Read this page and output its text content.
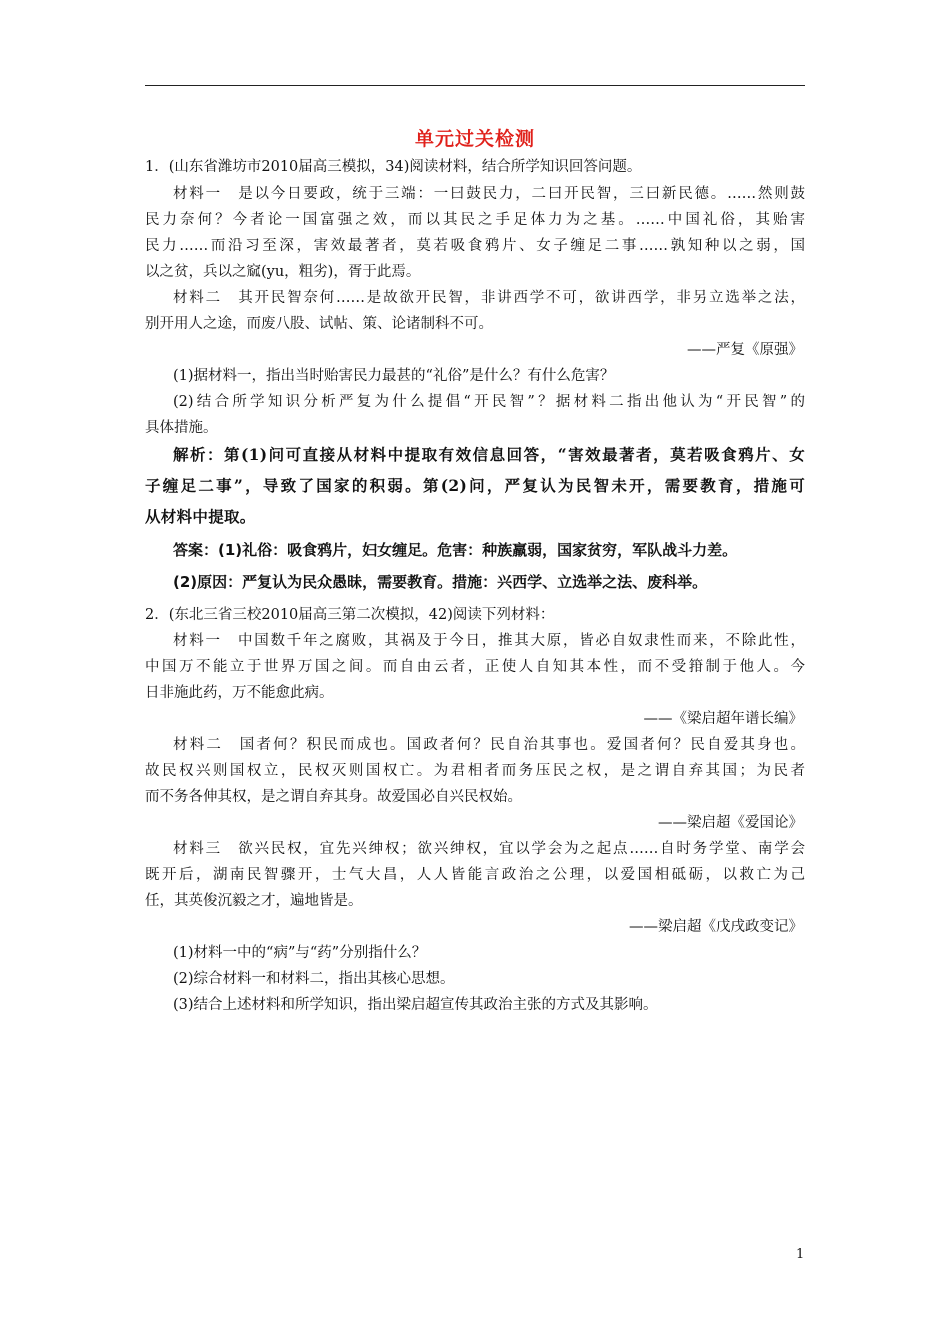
单元过关检测
1．(山东省潍坊市2010届高三模拟，34)阅读材料，结合所学知识回答问题。
材料一　是以今日要政，统于三端：一曰鼓民力，二曰开民智，三曰新民德。……然则鼓
民力奈何？今者论一国富强之效，而以其民之手足体力为之基。……中国礼俗，其贻害
民力……而沿习至深，害效最著者，莫若吸食鸦片、女子缠足二事……孰知种以之弱，国
以之贫，兵以之窳(yu，粗劣)，胥于此焉。
材料二　其开民智奈何……是故欲开民智，非讲西学不可，欲讲西学，非另立选举之法，
别开用人之途，而废八股、试帖、策、论诸制科不可。
——严复《原强》
(1)据材料一，指出当时贻害民力最甚的“礼俗”是什么？有什么危害？
(2)结合所学知识分析严复为什么提倡“开民智”？据材料二指出他认为“开民智”的
具体措施。
解析：第(1)问可直接从材料中提取有效信息回答，“害效最著者，莫若吸食鸦片、女
子缠足二事”，导致了国家的积弱。第(2)问，严复认为民智未开，需要教育，措施可
从材料中提取。
答案：(1)礼俗：吸食鸦片，妇女缠足。危害：种族羸弱，国家贫穷，军队战斗力差。
(2)原因：严复认为民众愚昧，需要教育。措施：兴西学、立选举之法、废科举。
2．(东北三省三校2010届高三第二次模拟，42)阅读下列材料：
材料一　中国数千年之腐败，其祸及于今日，推其大原，皆必自奴隶性而来，不除此性，
中国万不能立于世界万国之间。而自由云者，正使人自知其本性，而不受箝制于他人。今
日非施此药，万不能愈此病。
——《梁启超年谱长编》
材料二　国者何？积民而成也。国政者何？民自治其事也。爱国者何？民自爱其身也。
故民权兴则国权立，民权灭则国权亡。为君相者而务压民之权，是之谓自弃其国；为民者
而不务各伸其权，是之谓自弃其身。故爱国必自兴民权始。
——梁启超《爱国论》
材料三　欲兴民权，宜先兴绅权；欲兴绅权，宜以学会为之起点……自时务学堂、南学会
既开后，湖南民智骤开，士气大昌，人人皆能言政治之公理，以爱国相砥砺，以救亡为己
任，其英俊沉毅之才，遍地皆是。
——梁启超《戊戌政变记》
(1)材料一中的“病”与“药”分别指什么？
(2)综合材料一和材料二，指出其核心思想。
(3)结合上述材料和所学知识，指出梁启超宣传其政治主张的方式及其影响。
1
